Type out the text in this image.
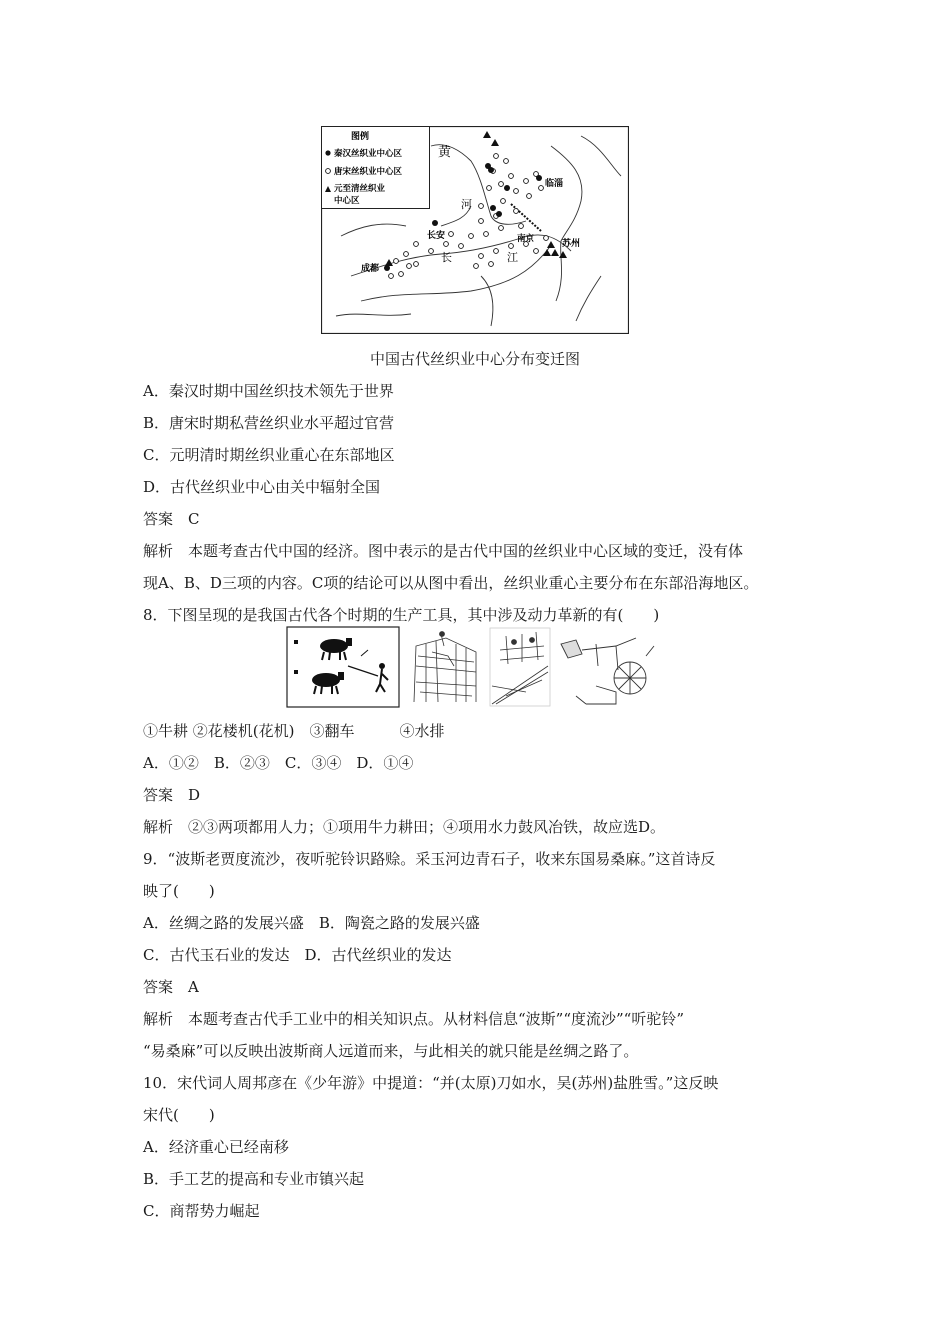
图例
秦汉丝织业中心区
唐宋丝织业中心区
元至清丝织业
中心区
黄
河
长	江
长安
成都
临淄
南京	苏州
中国古代丝织业中心分布变迁图
A．秦汉时期中国丝织技术领先于世界
B．唐宋时期私营丝织业水平超过官营
C．元明清时期丝织业重心在东部地区
D．古代丝织业中心由关中辐射全国
答案　C
解析　本题考查古代中国的经济。图中表示的是古代中国的丝织业中心区域的变迁，没有体
现A、B、D三项的内容。C项的结论可以从图中看出，丝织业重心主要分布在东部沿海地区。
8．下图呈现的是我国古代各个时期的生产工具，其中涉及动力革新的有(　　)
①牛耕 ②花楼机(花机)　③翻车　　　④水排
A．①②　B．②③　C．③④　D．①④
答案　D
解析　②③两项都用人力；①项用牛力耕田；④项用水力鼓风冶铁，故应选D。
9．“波斯老贾度流沙，夜听驼铃识路赊。采玉河边青石子，收来东国易桑麻。”这首诗反
映了(　　)
A．丝绸之路的发展兴盛　B．陶瓷之路的发展兴盛
C．古代玉石业的发达　D．古代丝织业的发达
答案　A
解析　本题考查古代手工业中的相关知识点。从材料信息“波斯”“度流沙”“听驼铃”
“易桑麻”可以反映出波斯商人远道而来，与此相关的就只能是丝绸之路了。
10．宋代词人周邦彦在《少年游》中提道：“并(太原)刀如水，吴(苏州)盐胜雪。”这反映
宋代(　　)
A．经济重心已经南移
B．手工艺的提高和专业市镇兴起
C．商帮势力崛起
